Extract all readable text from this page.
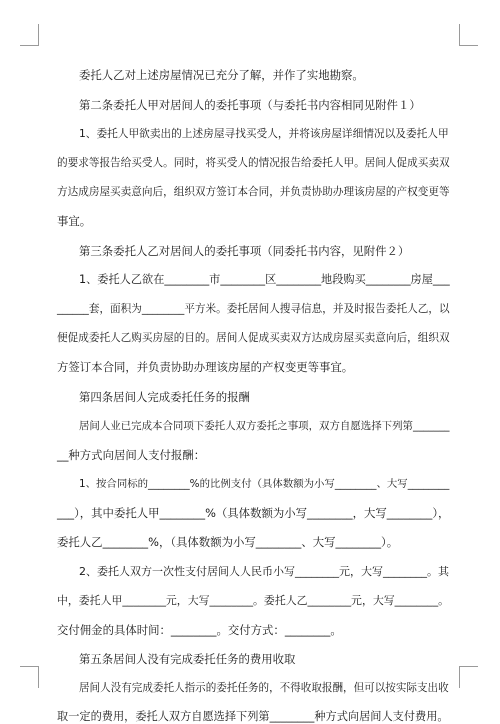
委托人乙对上述房屋情况已充分了解，并作了实地勘察。
第二条委托人甲对居间人的委托事项（与委托书内容相同见附件１）
1、委托人甲欲卖出的上述房屋寻找买受人，并将该房屋详细情况以及委托人甲
的要求等报告给买受人。同时，将买受人的情况报告给委托人甲。居间人促成买卖双
方达成房屋买卖意向后，组织双方签订本合同，并负责协助办理该房屋的产权变更等
事宜。
第三条委托人乙对居间人的委托事项（同委托书内容，见附件２）
1、委托人乙欲在________市________区________地段购买________房屋___
______套，面积为________平方米。委托居间人搜寻信息，并及时报告委托人乙，以
便促成委托人乙购买房屋的目的。居间人促成买卖双方达成房屋买卖意向后，组织双
方签订本合同，并负责协助办理该房屋的产权变更等事宜。
第四条居间人完成委托任务的报酬
居间人业已完成本合同项下委托人双方委托之事项，双方自愿选择下列第_______
__种方式向居间人支付报酬：
1、按合同标的________%的比例支付（具体数额为小写________、大写________
___），其中委托人甲________%（具体数额为小写________，大写________），
委托人乙________%，（具体数额为小写________、大写________）。
2、委托人双方一次性支付居间人人民币小写________元，大写________。其
中，委托人甲________元，大写________。委托人乙________元，大写________。
交付佣金的具体时间：________。交付方式：________。
第五条居间人没有完成委托任务的费用收取
居间人没有完成委托人指示的委托任务的，不得收取报酬，但可以按实际支出收
取一定的费用，委托人双方自愿选择下列第________种方式向居间人支付费用。
